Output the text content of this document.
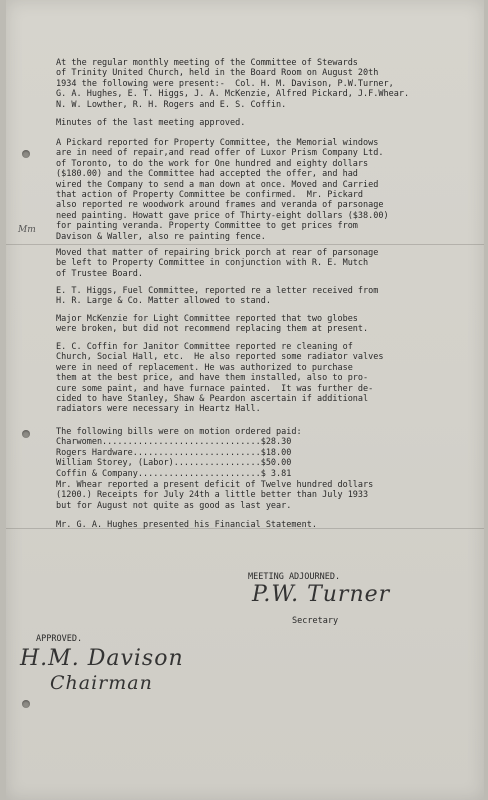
At the regular monthly meeting of the Committee of Stewards
of Trinity United Church, held in the Board Room on August 20th
1934 the following were present:-  Col. H. M. Davison, P.W.Turner,
G. A. Hughes, E. T. Higgs, J. A. McKenzie, Alfred Pickard, J.F.Whear.
N. W. Lowther, R. H. Rogers and E. S. Coffin.
Minutes of the last meeting approved.
A Pickard reported for Property Committee, the Memorial windows
are in need of repair,and read offer of Luxor Prism Company Ltd.
of Toronto, to do the work for One hundred and eighty dollars
($180.00) and the Committee had accepted the offer, and had
wired the Company to send a man down at once. Moved and Carried
that action of Property Committee be confirmed.  Mr. Pickard
also reported re woodwork around frames and veranda of parsonage
need painting. Howatt gave price of Thirty-eight dollars ($38.00)
for painting veranda. Property Committee to get prices from
Davison & Waller, also re painting fence.
Mm
Moved that matter of repairing brick porch at rear of parsonage
be left to Property Committee in conjunction with R. E. Mutch
of Trustee Board.
E. T. Higgs, Fuel Committee, reported re a letter received from
H. R. Large & Co. Matter allowed to stand.
Major McKenzie for Light Committee reported that two globes
were broken, but did not recommend replacing them at present.
E. C. Coffin for Janitor Committee reported re cleaning of
Church, Social Hall, etc.  He also reported some radiator valves
were in need of replacement. He was authorized to purchase
them at the best price, and have them installed, also to pro-
cure some paint, and have furnace painted.  It was further de-
cided to have Stanley, Shaw & Peardon ascertain if additional
radiators were necessary in Heartz Hall.
The following bills were on motion ordered paid:
Charwomen...............................$28.30
Rogers Hardware.........................$18.00
William Storey, (Labor).................$50.00
Coffin & Company........................$ 3.81
Mr. Whear reported a present deficit of Twelve hundred dollars
(1200.) Receipts for July 24th a little better than July 1933
but for August not quite as good as last year.
Mr. G. A. Hughes presented his Financial Statement.
MEETING ADJOURNED.
P.W. Turner
Secretary
APPROVED.
H.M. Davison
Chairman
